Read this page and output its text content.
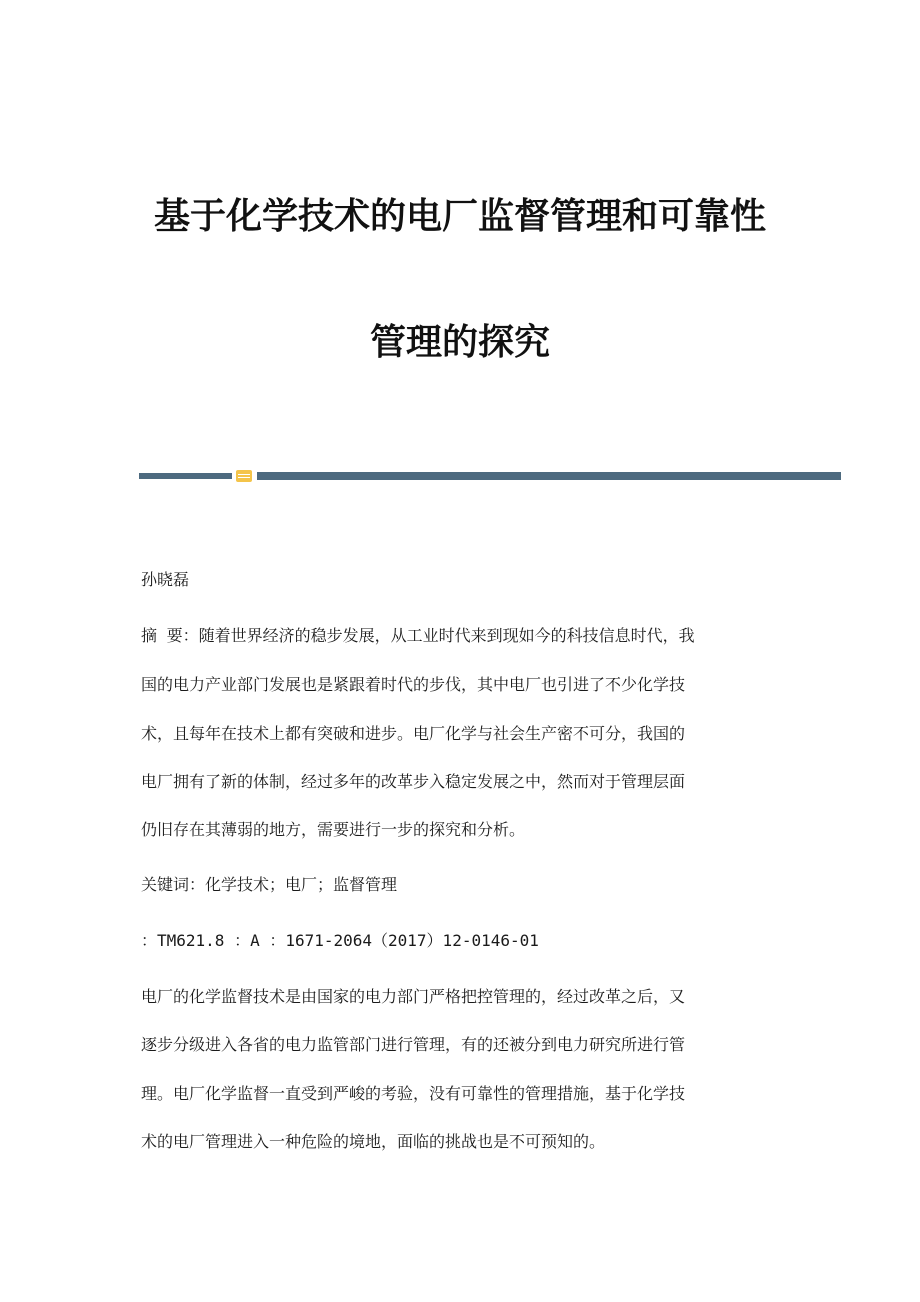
基于化学技术的电厂监督管理和可靠性
管理的探究
孙晓磊
摘 要：随着世界经济的稳步发展，从工业时代来到现如今的科技信息时代，我
国的电力产业部门发展也是紧跟着时代的步伐，其中电厂也引进了不少化学技
术，且每年在技术上都有突破和进步。电厂化学与社会生产密不可分，我国的
电厂拥有了新的体制，经过多年的改革步入稳定发展之中，然而对于管理层面
仍旧存在其薄弱的地方，需要进行一步的探究和分析。
关键词：化学技术；电厂；监督管理
：TM621.8 ：A ：1671-2064（2017）12-0146-01
电厂的化学监督技术是由国家的电力部门严格把控管理的，经过改革之后，又
逐步分级进入各省的电力监管部门进行管理，有的还被分到电力研究所进行管
理。电厂化学监督一直受到严峻的考验，没有可靠性的管理措施，基于化学技
术的电厂管理进入一种危险的境地，面临的挑战也是不可预知的。
